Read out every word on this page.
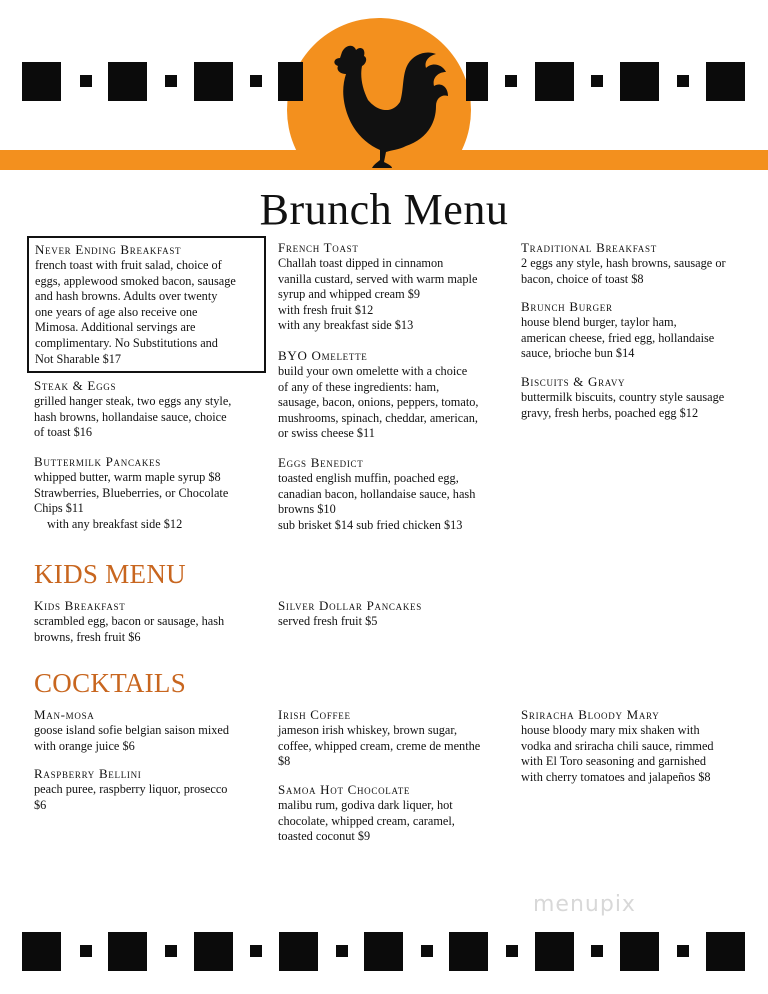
Brunch Menu
Never Ending Breakfast
french toast with fruit salad, choice of
eggs, applewood smoked bacon, sausage
and hash browns. Adults over twenty
one years of age also receive one
Mimosa. Additional servings are
complimentary. No Substitutions and
Not Sharable $17
Steak & Eggs
grilled hanger steak, two eggs any style,
hash browns, hollandaise sauce, choice
of toast $16
Buttermilk Pancakes
whipped butter, warm maple syrup $8
Strawberries, Blueberries, or Chocolate
Chips $11
with any breakfast side $12
French Toast
Challah toast dipped in cinnamon
vanilla custard, served with warm maple
syrup and whipped cream $9
with fresh fruit $12
with any breakfast side $13
BYO Omelette
build your own omelette with a choice
of any of these ingredients: ham,
sausage, bacon, onions, peppers, tomato,
mushrooms, spinach, cheddar, american,
or swiss cheese $11
Eggs Benedict
toasted english muffin, poached egg,
canadian bacon, hollandaise sauce, hash
browns $10
sub brisket $14 sub fried chicken $13
Traditional Breakfast
2 eggs any style, hash browns, sausage or
bacon, choice of toast $8
Brunch Burger
house blend burger, taylor ham,
american cheese, fried egg, hollandaise
sauce, brioche bun $14
Biscuits & Gravy
buttermilk biscuits, country style sausage
gravy, fresh herbs, poached egg $12
KIDS MENU
Kids Breakfast
scrambled egg, bacon or sausage, hash
browns, fresh fruit $6
Silver Dollar Pancakes
served fresh fruit $5
COCKTAILS
Man-mosa
goose island sofie belgian saison mixed
with orange juice $6
Raspberry Bellini
peach puree, raspberry liquor, prosecco
$6
Irish Coffee
jameson irish whiskey, brown sugar,
coffee, whipped cream, creme de menthe
$8
Samoa Hot Chocolate
malibu rum, godiva dark liquer, hot
chocolate, whipped cream, caramel,
toasted coconut $9
Sriracha Bloody Mary
house bloody mary mix shaken with
vodka and sriracha chili sauce, rimmed
with El Toro seasoning and garnished
with cherry tomatoes and jalapeños $8
menupix
